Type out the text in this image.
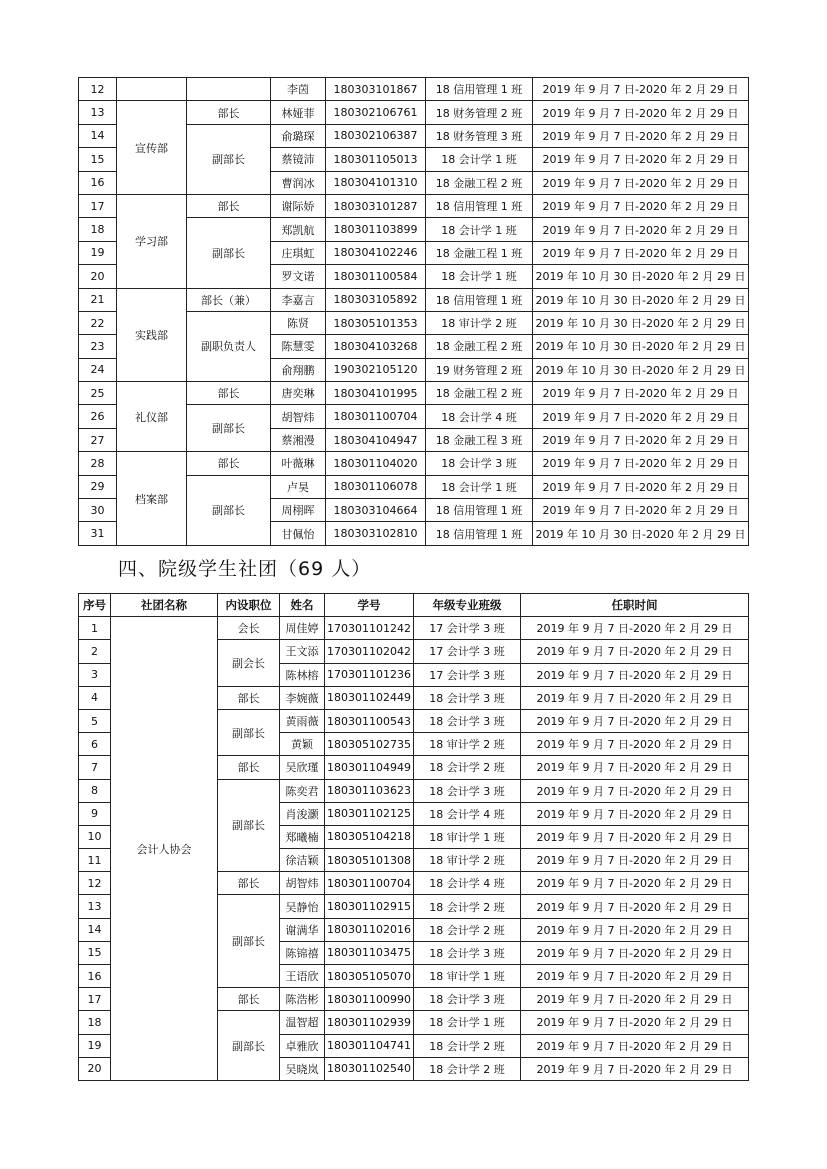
12			李茵	180303101867	18 信用管理 1 班	2019 年 9 月 7 日-2020 年 2 月 29 日
13	宣传部	部长	林娅菲	180302106761	18 财务管理 2 班	2019 年 9 月 7 日-2020 年 2 月 29 日
14		副部长	俞璐琛	180302106387	18 财务管理 3 班	2019 年 9 月 7 日-2020 年 2 月 29 日
15			蔡镜沛	180301105013	18 会计学 1 班	2019 年 9 月 7 日-2020 年 2 月 29 日
16			曹润冰	180304101310	18 金融工程 2 班	2019 年 9 月 7 日-2020 年 2 月 29 日
17	学习部	部长	谢际娇	180303101287	18 信用管理 1 班	2019 年 9 月 7 日-2020 年 2 月 29 日
18		副部长	郑凯航	180301103899	18 会计学 1 班	2019 年 9 月 7 日-2020 年 2 月 29 日
19			庄琪虹	180304102246	18 金融工程 1 班	2019 年 9 月 7 日-2020 年 2 月 29 日
20			罗文诺	180301100584	18 会计学 1 班	2019 年 10 月 30 日-2020 年 2 月 29 日
21	实践部	部长（兼）	李嘉言	180303105892	18 信用管理 1 班	2019 年 10 月 30 日-2020 年 2 月 29 日
22		副职负责人	陈贤	180305101353	18 审计学 2 班	2019 年 10 月 30 日-2020 年 2 月 29 日
23			陈慧雯	180304103268	18 金融工程 2 班	2019 年 10 月 30 日-2020 年 2 月 29 日
24			俞翔鹏	190302105120	19 财务管理 2 班	2019 年 10 月 30 日-2020 年 2 月 29 日
25	礼仪部	部长	唐奕琳	180304101995	18 金融工程 2 班	2019 年 9 月 7 日-2020 年 2 月 29 日
26		副部长	胡智炜	180301100704	18 会计学 4 班	2019 年 9 月 7 日-2020 年 2 月 29 日
27			蔡湘漫	180304104947	18 金融工程 3 班	2019 年 9 月 7 日-2020 年 2 月 29 日
28	档案部	部长	叶薇琳	180301104020	18 会计学 3 班	2019 年 9 月 7 日-2020 年 2 月 29 日
29		副部长	卢昊	180301106078	18 会计学 1 班	2019 年 9 月 7 日-2020 年 2 月 29 日
30			周栩晖	180303104664	18 信用管理 1 班	2019 年 9 月 7 日-2020 年 2 月 29 日
31			甘佩怡	180303102810	18 信用管理 1 班	2019 年 10 月 30 日-2020 年 2 月 29 日
四、院级学生社团（69 人）
序号	社团名称	内设职位	姓名	学号	年级专业班级	任职时间
1	会计人协会	会长	周佳婷	170301101242	17 会计学 3 班	2019 年 9 月 7 日-2020 年 2 月 29 日
2		副会长	王文添	170301102042	17 会计学 3 班	2019 年 9 月 7 日-2020 年 2 月 29 日
3			陈林榕	170301101236	17 会计学 3 班	2019 年 9 月 7 日-2020 年 2 月 29 日
4		部长	李婉薇	180301102449	18 会计学 3 班	2019 年 9 月 7 日-2020 年 2 月 29 日
5		副部长	黄雨薇	180301100543	18 会计学 3 班	2019 年 9 月 7 日-2020 年 2 月 29 日
6			黄颖	180305102735	18 审计学 2 班	2019 年 9 月 7 日-2020 年 2 月 29 日
7		部长	吴欣瑾	180301104949	18 会计学 2 班	2019 年 9 月 7 日-2020 年 2 月 29 日
8		副部长	陈奕君	180301103623	18 会计学 3 班	2019 年 9 月 7 日-2020 年 2 月 29 日
9			肖浚灏	180301102125	18 会计学 4 班	2019 年 9 月 7 日-2020 年 2 月 29 日
10			郑曦楠	180305104218	18 审计学 1 班	2019 年 9 月 7 日-2020 年 2 月 29 日
11			徐洁颖	180305101308	18 审计学 2 班	2019 年 9 月 7 日-2020 年 2 月 29 日
12		部长	胡智炜	180301100704	18 会计学 4 班	2019 年 9 月 7 日-2020 年 2 月 29 日
13		副部长	吴静怡	180301102915	18 会计学 2 班	2019 年 9 月 7 日-2020 年 2 月 29 日
14			谢满华	180301102016	18 会计学 2 班	2019 年 9 月 7 日-2020 年 2 月 29 日
15			陈锦禧	180301103475	18 会计学 3 班	2019 年 9 月 7 日-2020 年 2 月 29 日
16			王语欣	180305105070	18 审计学 1 班	2019 年 9 月 7 日-2020 年 2 月 29 日
17		部长	陈浩彬	180301100990	18 会计学 3 班	2019 年 9 月 7 日-2020 年 2 月 29 日
18		副部长	温智超	180301102939	18 会计学 1 班	2019 年 9 月 7 日-2020 年 2 月 29 日
19			卓雅欣	180301104741	18 会计学 2 班	2019 年 9 月 7 日-2020 年 2 月 29 日
20			吴晓岚	180301102540	18 会计学 2 班	2019 年 9 月 7 日-2020 年 2 月 29 日
